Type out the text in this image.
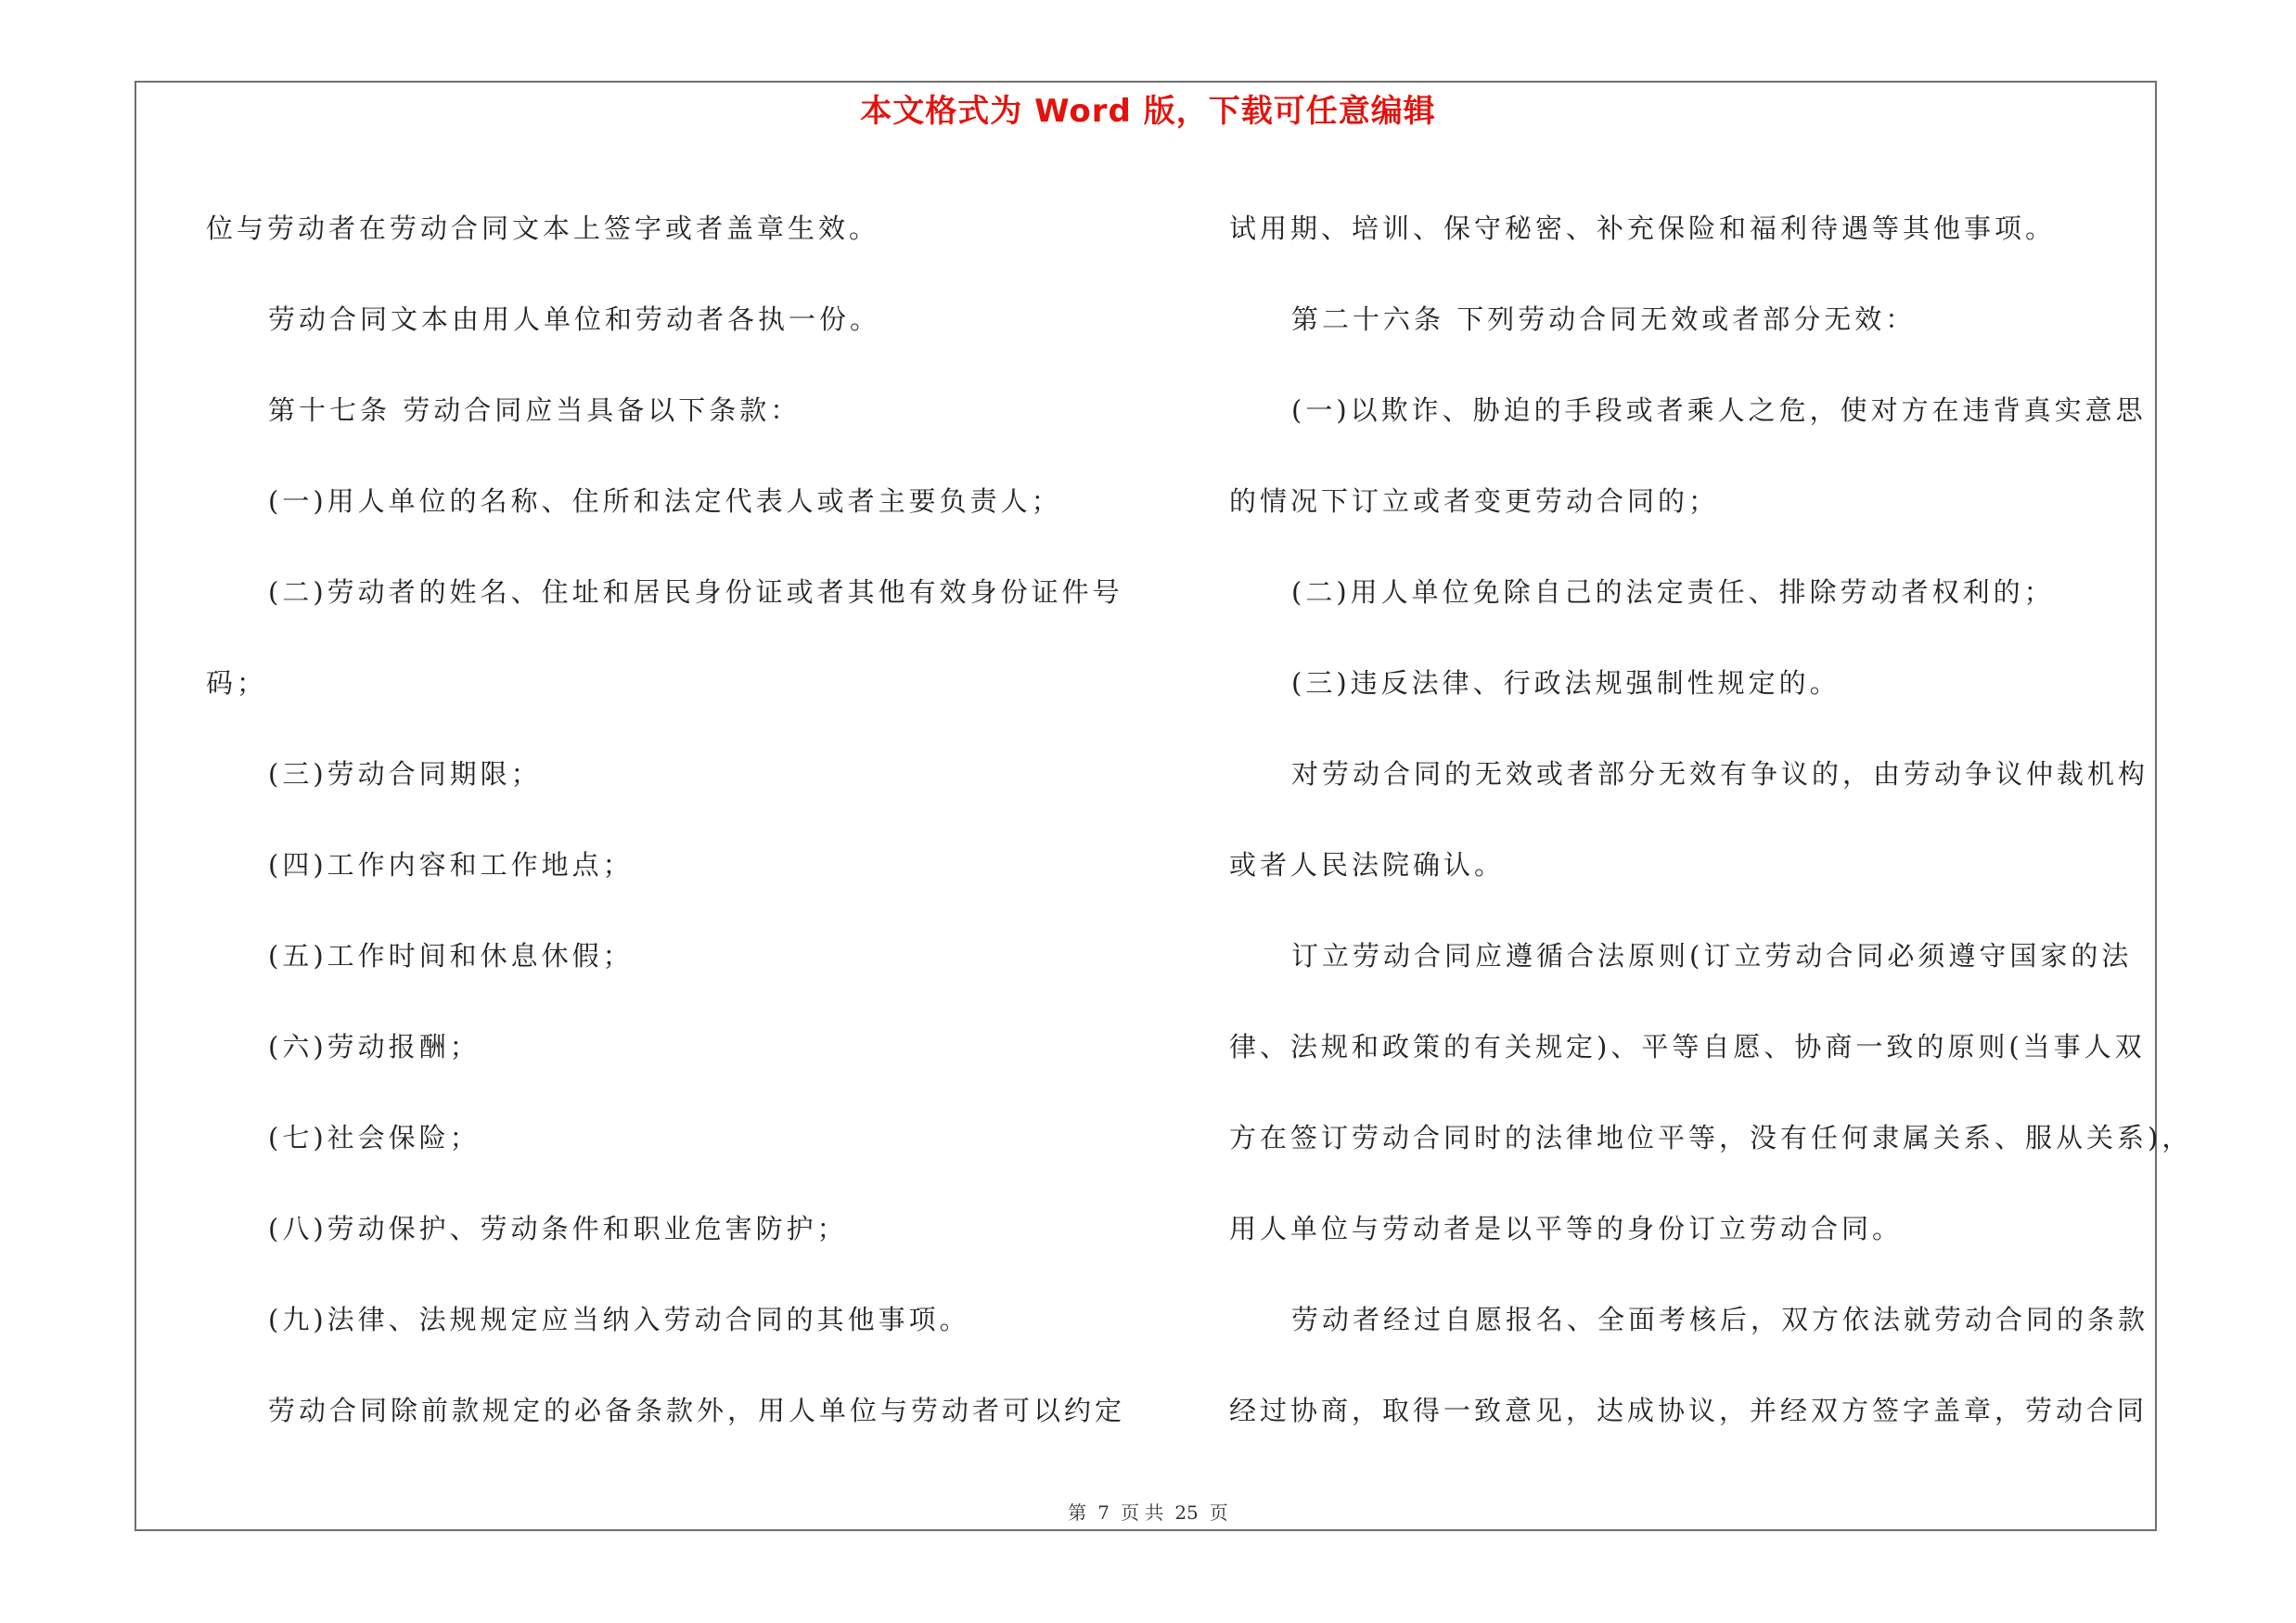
本文格式为 Word 版，下载可任意编辑
位与劳动者在劳动合同文本上签字或者盖章生效。
劳动合同文本由用人单位和劳动者各执一份。
第十七条 劳动合同应当具备以下条款：
(一)用人单位的名称、住所和法定代表人或者主要负责人；
(二)劳动者的姓名、住址和居民身份证或者其他有效身份证件号
码；
(三)劳动合同期限；
(四)工作内容和工作地点；
(五)工作时间和休息休假；
(六)劳动报酬；
(七)社会保险；
(八)劳动保护、劳动条件和职业危害防护；
(九)法律、法规规定应当纳入劳动合同的其他事项。
劳动合同除前款规定的必备条款外，用人单位与劳动者可以约定
试用期、培训、保守秘密、补充保险和福利待遇等其他事项。
第二十六条 下列劳动合同无效或者部分无效：
(一)以欺诈、胁迫的手段或者乘人之危，使对方在违背真实意思
的情况下订立或者变更劳动合同的；
(二)用人单位免除自己的法定责任、排除劳动者权利的；
(三)违反法律、行政法规强制性规定的。
对劳动合同的无效或者部分无效有争议的，由劳动争议仲裁机构
或者人民法院确认。
订立劳动合同应遵循合法原则(订立劳动合同必须遵守国家的法
律、法规和政策的有关规定)、平等自愿、协商一致的原则(当事人双
方在签订劳动合同时的法律地位平等，没有任何隶属关系、服从关系)，
用人单位与劳动者是以平等的身份订立劳动合同。
劳动者经过自愿报名、全面考核后，双方依法就劳动合同的条款
经过协商，取得一致意见，达成协议，并经双方签字盖章，劳动合同
第 7 页 共 25 页
